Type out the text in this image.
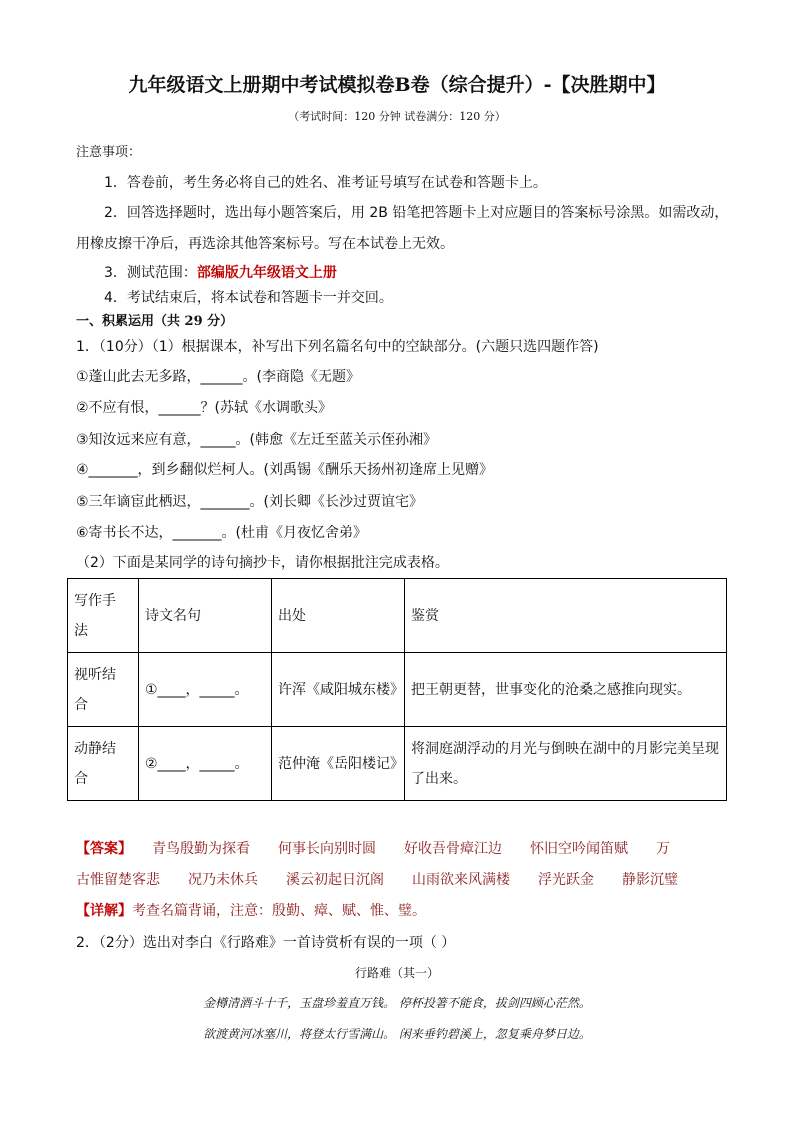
九年级语文上册期中考试模拟卷B卷（综合提升）-【决胜期中】
（考试时间：120 分钟 试卷满分：120 分）
注意事项：
1．答卷前，考生务必将自己的姓名、准考证号填写在试卷和答题卡上。
2．回答选择题时，选出每小题答案后，用 2B 铅笔把答题卡上对应题目的答案标号涂黑。如需改动，
用橡皮擦干净后，再选涂其他答案标号。写在本试卷上无效。
3．测试范围：部编版九年级语文上册
4．考试结束后，将本试卷和答题卡一并交回。
一、积累运用（共 29 分）
1．（10分）（1）根据课本，补写出下列名篇名句中的空缺部分。(六题只选四题作答)
①蓬山此去无多路，______。(李商隐《无题》
②不应有恨，______？(苏轼《水调歌头》
③知汝远来应有意，_____。(韩愈《左迁至蓝关示侄孙湘》
④_______，到乡翻似烂柯人。(刘禹锡《酬乐天扬州初逢席上见赠》
⑤三年谪宦此栖迟，_______。(刘长卿《长沙过贾谊宅》
⑥寄书长不达，_______。(杜甫《月夜忆舍弟》
（2）下面是某同学的诗句摘抄卡，请你根据批注完成表格。
写作手
法	诗文名句	出处	鉴赏
视听结
合	①____，_____。	许浑《咸阳城东楼》	把王朝更替，世事变化的沧桑之感推向现实。
动静结
合	②____，_____。	范仲淹《岳阳楼记》	将洞庭湖浮动的月光与倒映在湖中的月影完美呈现
了出来。
【答案】 青鸟殷勤为探看　　何事长向别时圆　　好收吾骨瘴江边　　怀旧空吟闻笛赋　　万
古惟留楚客悲　　况乃未休兵　　溪云初起日沉阁　　山雨欲来风满楼　　浮光跃金　　静影沉璧
【详解】考查名篇背诵，注意：殷勤、瘴、赋、惟、璧。
2．（2分）选出对李白《行路难》一首诗赏析有误的一项（ ）
行路难（其一）
金樽清酒斗十千，玉盘珍羞直万钱。 停杯投箸不能食，拔剑四顾心茫然。
欲渡黄河冰塞川，将登太行雪满山。 闲来垂钓碧溪上，忽复乘舟梦日边。
